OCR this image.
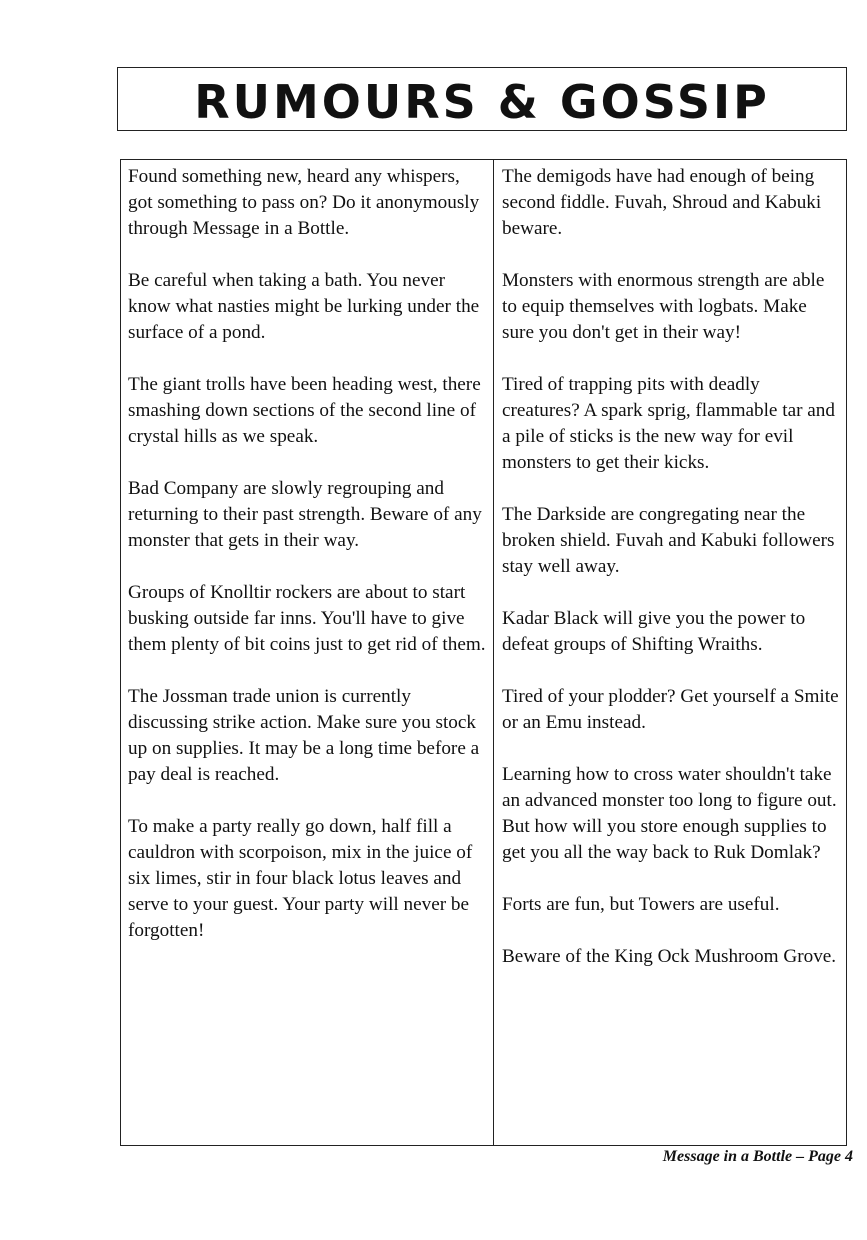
RUMOURS & GOSSIP

Found something new, heard any whispers, got something to pass on? Do it anonymously through Message in a Bottle.

Be careful when taking a bath. You never know what nasties might be lurking under the surface of a pond.

The giant trolls have been heading west, there smashing down sections of the second line of crystal hills as we speak.

Bad Company are slowly regrouping and returning to their past strength. Beware of any monster that gets in their way.

Groups of Knolltir rockers are about to start busking outside far inns. You'll have to give them plenty of bit coins just to get rid of them.

The Jossman trade union is currently discussing strike action. Make sure you stock up on supplies. It may be a long time before a pay deal is reached.

To make a party really go down, half fill a cauldron with scorpoison, mix in the juice of six limes, stir in four black lotus leaves and serve to your guest. Your party will never be forgotten!

The demigods have had enough of being second fiddle. Fuvah, Shroud and Kabuki beware.

Monsters with enormous strength are able to equip themselves with logbats. Make sure you don't get in their way!

Tired of trapping pits with deadly creatures? A spark sprig, flammable tar and a pile of sticks is the new way for evil monsters to get their kicks.

The Darkside are congregating near the broken shield. Fuvah and Kabuki followers stay well away.

Kadar Black will give you the power to defeat groups of Shifting Wraiths.

Tired of your plodder? Get yourself a Smite or an Emu instead.

Learning how to cross water shouldn't take an advanced monster too long to figure out. But how will you store enough supplies to get you all the way back to Ruk Domlak?

Forts are fun, but Towers are useful.

Beware of the King Ock Mushroom Grove.

Message in a Bottle – Page 4
